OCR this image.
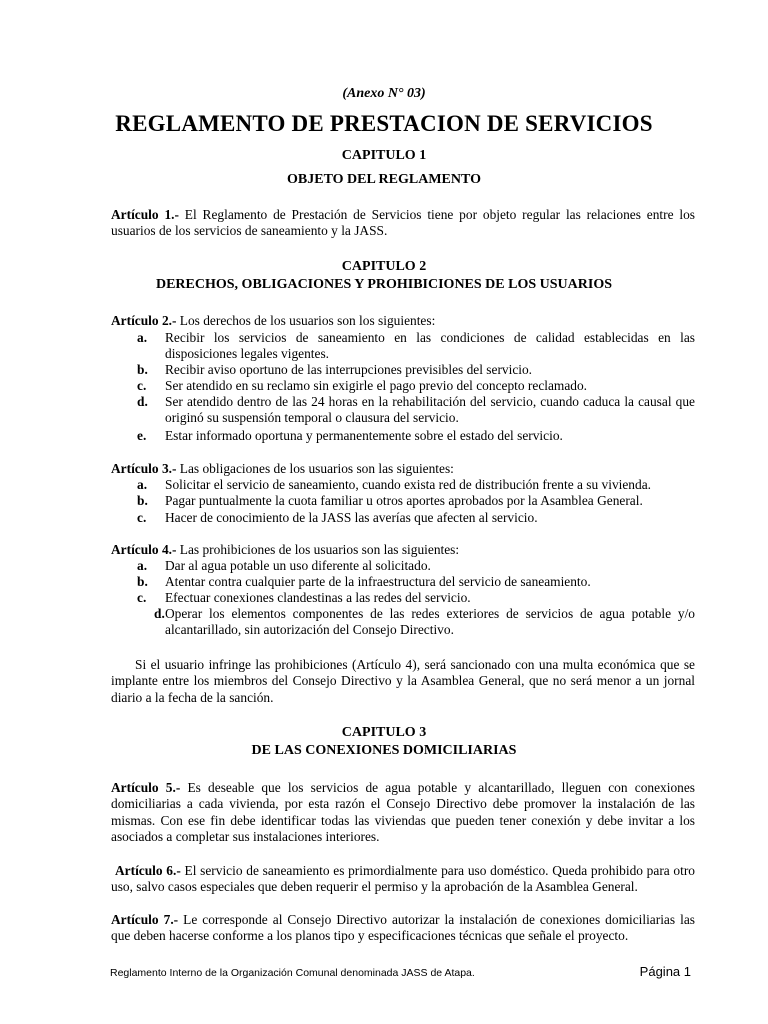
(Anexo N° 03)
REGLAMENTO DE PRESTACION DE SERVICIOS
CAPITULO 1
OBJETO DEL REGLAMENTO
Artículo 1.- El Reglamento de Prestación de Servicios tiene por objeto regular las relaciones entre los usuarios de los servicios de saneamiento y la JASS.
CAPITULO 2
DERECHOS, OBLIGACIONES Y PROHIBICIONES DE LOS USUARIOS
Artículo 2.- Los derechos de los usuarios son los siguientes:
a. Recibir los servicios de saneamiento en las condiciones de calidad establecidas en las disposiciones legales vigentes.
b. Recibir aviso oportuno de las interrupciones previsibles del servicio.
c. Ser atendido en su reclamo sin exigirle el pago previo del concepto reclamado.
d. Ser atendido dentro de las 24 horas en la rehabilitación del servicio, cuando caduca la causal que originó su suspensión temporal o clausura del servicio.
e. Estar informado oportuna y permanentemente sobre el estado del servicio.
Artículo 3.- Las obligaciones de los usuarios son las siguientes:
a. Solicitar el servicio de saneamiento, cuando exista red de distribución frente a su vivienda.
b. Pagar puntualmente la cuota familiar u otros aportes aprobados por la Asamblea General.
c. Hacer de conocimiento de la JASS las averías que afecten al servicio.
Artículo 4.- Las prohibiciones de los usuarios son las siguientes:
a. Dar al agua potable un uso diferente al solicitado.
b. Atentar contra cualquier parte de la infraestructura del servicio de saneamiento.
c. Efectuar conexiones clandestinas a las redes del servicio.
d. Operar los elementos componentes de las redes exteriores de servicios de agua potable y/o alcantarillado, sin autorización del Consejo Directivo.
Si el usuario infringe las prohibiciones (Artículo 4), será sancionado con una multa económica que se implante entre los miembros del Consejo Directivo y la Asamblea General, que no será menor a un jornal diario a la fecha de la sanción.
CAPITULO 3
DE LAS CONEXIONES DOMICILIARIAS
Artículo 5.- Es deseable que los servicios de agua potable y alcantarillado, lleguen con conexiones domiciliarias a cada vivienda, por esta razón el Consejo Directivo debe promover la instalación de las mismas. Con ese fin debe identificar todas las viviendas que pueden tener conexión y debe invitar a los asociados a completar sus instalaciones interiores.
Artículo 6.- El servicio de saneamiento es primordialmente para uso doméstico. Queda prohibido para otro uso, salvo casos especiales que deben requerir el permiso y la aprobación de la Asamblea General.
Artículo 7.- Le corresponde al Consejo Directivo autorizar la instalación de conexiones domiciliarias las que deben hacerse conforme a los planos tipo y especificaciones técnicas que señale el proyecto.
Reglamento Interno de la Organización Comunal denominada JASS de Atapa.	Página 1
